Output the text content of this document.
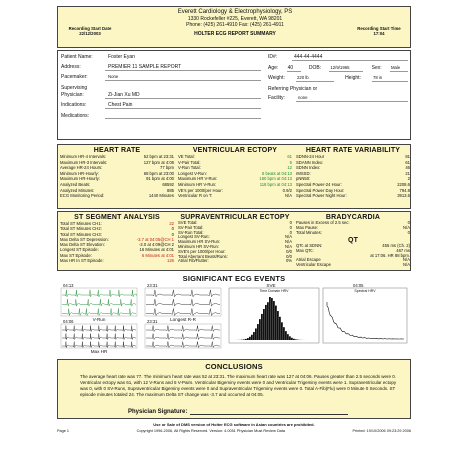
Recording Start Date
22/12/2003
Everett Cardiology & Electrophysiology, PS
1330 Rockefeller #225, Everett, WA 98201
Phone: (425) 261-4910 Fax: (425) 261-4911
HOLTER ECG REPORT SUMMARY
Recording Start Time
17:04
Patient Name:	Foster Eyan
Address:	PREMIER 11 SAMPLE REPORT
Pacemaker:	None
Supervising
Physician:	Zi-Jian Xu MD
Indications:	Chest Pain
Medications:
ID#:	444-44-4444
Age: 40	DOB: 12/9/1965	Sex: Male
Weight:	220 lb	Height:	78 in
Referring Physician or
Facility:	none
HEART RATE
Minimum HR-4 Intervals:	52 bpm at 23:31
Maximum HR-3 Intervals:	127 bpm at 4:06
Average HR-24 Hours:	77 bpm
Minimum HR-Hourly:	68 bpm at 23:00
Maximum HR-Hourly:	91 bpm at 4:00
Analyzed Beats:	68592
Analyzed Minutes:	885
ECG Monitoring Period:	1440 Minutes
VENTRICULAR ECTOPY
VE Total:	61
V-Pair Total:	5
V-Run Total:	12
Longest V-Run:	8 beats at 04:13
Maximum HR V-Run:	160 bpm at 04:13
Minimum HR V-Run:	118 bpm at 04:13
VE's per 1000/per Hour:	0.9/2
Ventricular R on T:	N/A
HEART RATE VARIABILITY
SDNN-24 Hour	81
SDANN Index:	61
SDNN Index:	46
rMSSD:	21
pNN50:	2
Spectral Power-24 Hour:	2208.6
Spectral Power Day Hour:	794.8
Spectral Power Night Hour:	3913.6
ST SEGMENT ANALYSIS
Total ST Minutes CH1:	22
Total ST Minutes CH2:	0
Total ST Minutes CH3:	0
Max Delta ST Depression:	-3.7 at 04:05@CH 1
Max Delta ST Elevation:	-2.0 at 4:09@CH 2
Longest ST Episode:	16 Minutes at 4:01
Max ST Episode:	6 Minutes at 4:01
Max HR In ST Episode:	126
SUPRAVENTRICULAR ECTOPY
SVE Total:	0
SV-Pair Total:	0
SV-Run Total:	0
Longest SV-Run:	N/A
Maximum HR SV-Run:	N/A
Minimum HR SV-Run:	N/A
SVE's per 1000/per Hour:	0/0
Total Aberrant Beats/Runs:	0/0
Atrial Fib/Flutter:	0%
BRADYCARDIA
Pauses in Excess of 2.5 sec:	0
Max Pause:	N/A
Total Minutes:	0
QT
QTc at SDNN:	455 ms (Ch. 2)
Max QTc:	467 ms
at 17:06. HR 88 bpm.
Atrial Escape	N/A
Ventricular Escape	N/A
SIGNIFICANT ECG EVENTS
04:13
V-Run
23:31
Longest R-R
04:06
Max HR
23:31
Time Domain HRV
SVE
Spectral HRV
04:05
CONCLUSIONS
The average heart rate was 77. The minimum heart rate was 52 at 23:31. The maximum heart rate was 127 at 04:06. Pauses greater than 2.5 seconds were 0. Ventricular ectopy was 61, with 12 V-Runs and 5 V-Pairs. Ventricular Bigeminy events were 0 and Ventricular Trigeminy events were 1. Supraventricular ectopy was 0, with 0 SV-Runs, Supraventricular Bigeminy events were 0 and Supraventricular Trigeminy events were 0. Total A-Fib(Flu) were 0 Minute 0 Seconds. ST episode minutes totaled 24. The maximum Delta ST change was -3.7 and occurred at 04:05.
Physician Signature:
Use or Sale of DMS version of Holter ECG software in Asian countries are prohibited.
Page 1	Copyright 1996-2006, All Rights Reserved. Version: 4.0051 Physician Must Review Data	Printed: 19/10/2006 09:23:29 2006
